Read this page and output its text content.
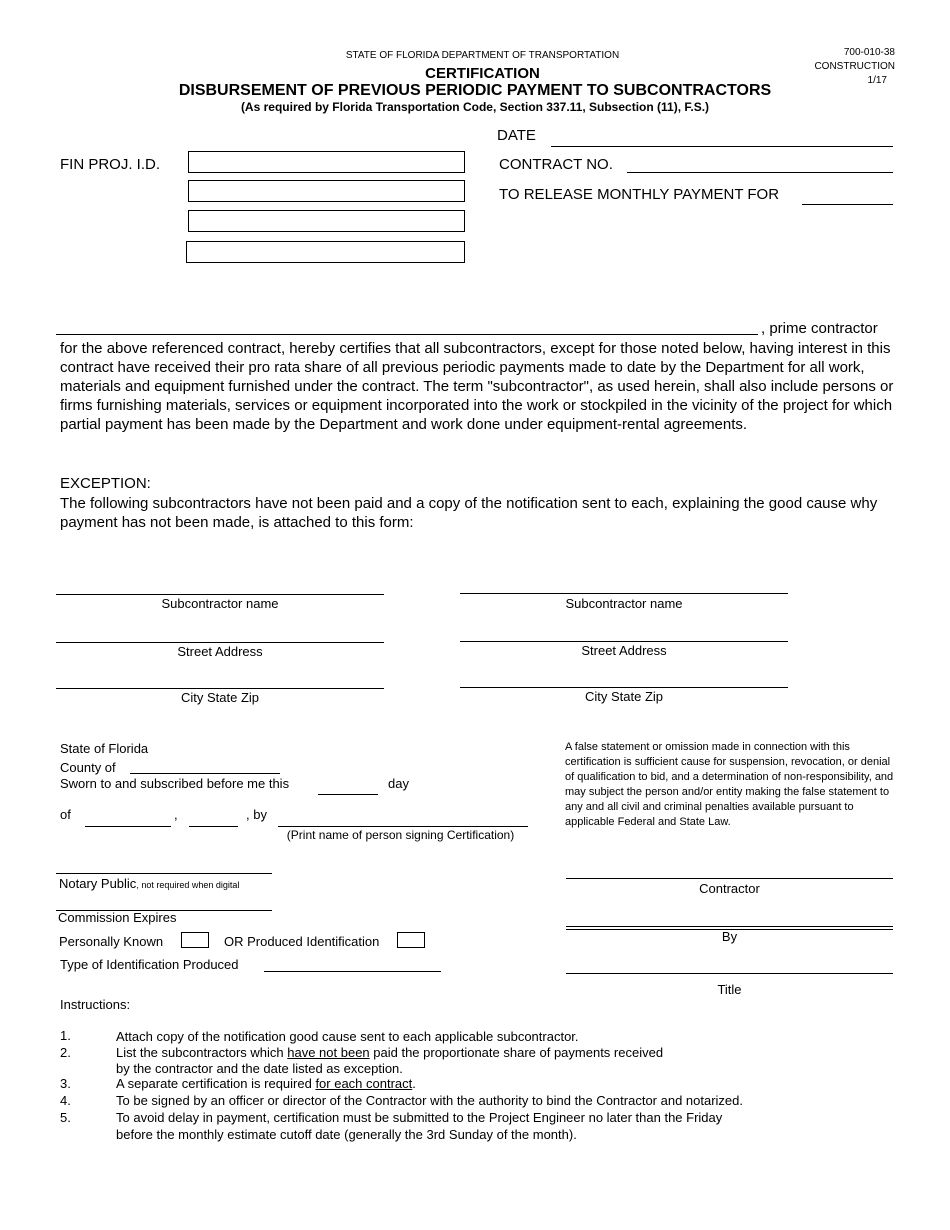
STATE OF FLORIDA DEPARTMENT OF TRANSPORTATION
CERTIFICATION
DISBURSEMENT OF PREVIOUS PERIODIC PAYMENT TO SUBCONTRACTORS
(As required by Florida Transportation Code, Section 337.11, Subsection (11), F.S.)
700-010-38
CONSTRUCTION
1/17
DATE
FIN PROJ. I.D.	CONTRACT NO.
TO RELEASE MONTHLY PAYMENT FOR
, prime contractor
for the above referenced contract, hereby certifies that all subcontractors, except for those noted below, having interest in this contract have received their pro rata share of all previous periodic payments made to date by the Department for all work, materials and equipment furnished under the contract. The term "subcontractor", as used herein, shall also include persons or firms furnishing materials, services or equipment incorporated into the work or stockpiled in the vicinity of the project for which partial payment has been made by the Department and work done under equipment-rental agreements.
EXCEPTION:
The following subcontractors have not been paid and a copy of the notification sent to each, explaining the good cause why payment has not been made, is attached to this form:
Subcontractor name
Street Address
City State Zip
Subcontractor name
Street Address
City State Zip
State of Florida
County of
Sworn to and subscribed before me this	day
of	,	, by
(Print name of person signing Certification)
Notary Public, not required when digital
Commission Expires
Personally Known	OR Produced Identification
Type of Identification Produced
A false statement or omission made in connection with this certification is sufficient cause for suspension, revocation, or denial of qualification to bid, and a determination of non-responsibility, and may subject the person and/or entity making the false statement to any and all civil and criminal penalties available pursuant to applicable Federal and State Law.
Contractor
By
Title
Instructions:
1.	Attach copy of the notification good cause sent to each applicable subcontractor.
2.	List the subcontractors which have not been paid the proportionate share of payments received
by the contractor and the date listed as exception.
3.	A separate certification is required for each contract.
4.	To be signed by an officer or director of the Contractor with the authority to bind the Contractor and notarized.
5.	To avoid delay in payment, certification must be submitted to the Project Engineer no later than the Friday
before the monthly estimate cutoff date (generally the 3rd Sunday of the month).
